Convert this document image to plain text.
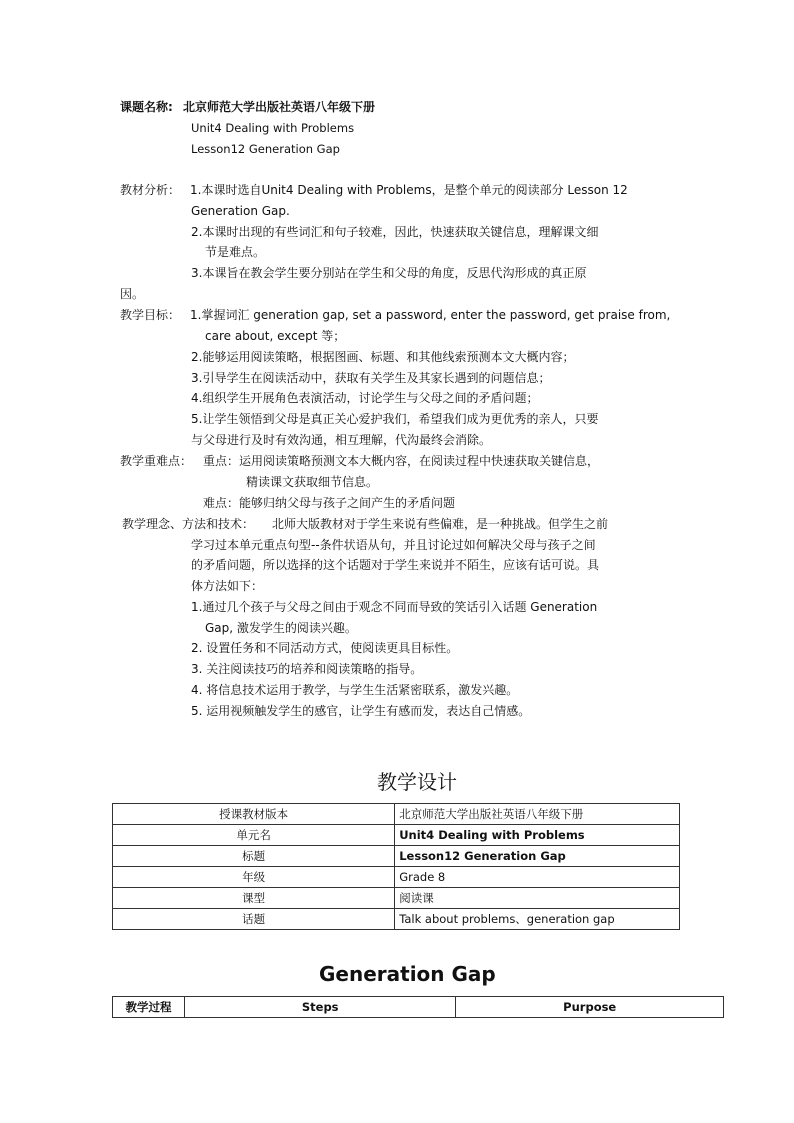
课题名称: 北京师范大学出版社英语八年级下册
Unit4 Dealing with Problems
Lesson12 Generation Gap
教材分析： 1.本课时选自Unit4 Dealing with Problems，是整个单元的阅读部分 Lesson 12
Generation Gap.
2.本课时出现的有些词汇和句子较难，因此，快速获取关键信息，理解课文细
节是难点。
3.本课旨在教会学生要分别站在学生和父母的角度，反思代沟形成的真正原
因。
教学目标： 1.掌握词汇 generation gap, set a password, enter the password, get praise from,
care about, except 等；
2.能够运用阅读策略，根据图画、标题、和其他线索预测本文大概内容；
3.引导学生在阅读活动中，获取有关学生及其家长遇到的问题信息；
4.组织学生开展角色表演活动，讨论学生与父母之间的矛盾问题；
5.让学生领悟到父母是真正关心爱护我们，希望我们成为更优秀的亲人，只要
与父母进行及时有效沟通，相互理解，代沟最终会消除。
教学重难点： 重点：运用阅读策略预测文本大概内容，在阅读过程中快速获取关键信息，
精读课文获取细节信息。
难点：能够归纳父母与孩子之间产生的矛盾问题
教学理念、方法和技术： 北师大版教材对于学生来说有些偏难，是一种挑战。但学生之前
学习过本单元重点句型--条件状语从句，并且讨论过如何解决父母与孩子之间
的矛盾问题，所以选择的这个话题对于学生来说并不陌生，应该有话可说。具
体方法如下：
1.通过几个孩子与父母之间由于观念不同而导致的笑话引入话题 Generation
Gap, 激发学生的阅读兴趣。
2. 设置任务和不同活动方式，使阅读更具目标性。
3. 关注阅读技巧的培养和阅读策略的指导。
4. 将信息技术运用于教学，与学生生活紧密联系，激发兴趣。
5. 运用视频触发学生的感官，让学生有感而发，表达自己情感。
教学设计
授课教材版本	北京师范大学出版社英语八年级下册
单元名	Unit4 Dealing with Problems
标题	Lesson12 Generation Gap
年级	Grade 8
课型	阅读课
话题	Talk about problems、generation gap
Generation Gap
教学过程	Steps	Purpose
